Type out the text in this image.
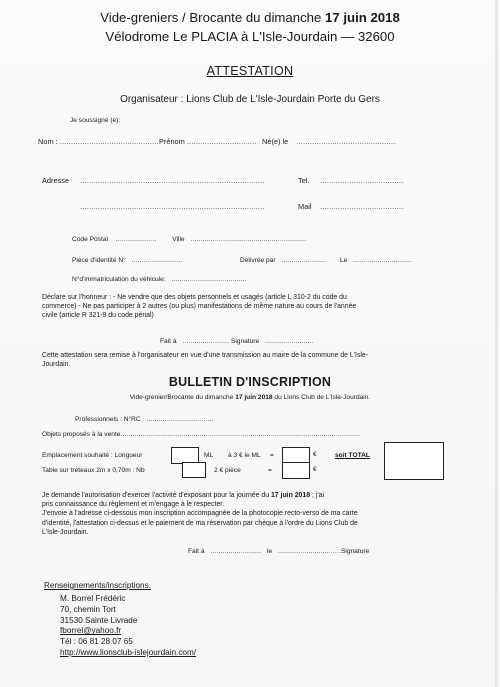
Vide-greniers / Brocante du dimanche 17 juin 2018
Vélodrome Le PLACIA à L'Isle-Jourdain — 32600
ATTESTATION
Organisateur : Lions Club de L'Isle-Jourdain Porte du Gers
Je soussigné (e):
Nom : ............................................Prénom ............................... Né(e) le ............................................
Adresse ..................................................................................
..................................................................................
Tel. .....................................
Mail .....................................
Code Postal .................... Ville .........................................................
Pièce d'identité N° .........................	Délivrée par ...................... Le .............................
N°d'immatriculation du véhicule: .....................................
Déclare sur l'honneur : - Ne vendre que des objets personnels et usagés (article L 310-2 du code du
commerce) - Ne pas participer à 2 autres (ou plus) manifestations de même nature au cours de l'année
civile (article R 321-9 du code pénal)
Fait à ....................... Signature ........................
Cette attestation sera remise à l'organisateur en vue d'une transmission au maire de la commune de L'Isle-
Jourdain.
BULLETIN D'INSCRIPTION
Vide-grenier/Brocante du dimanche 17 juin 2018 du Lions Club de L'Isle-Jourdain.
Professionnels : N°RC .................................
Objets proposés à la vente......................................................................................................................
Emplacement souhaité : Longueur	ML à 3 € le ML =	€	soit TOTAL
Table sur tréteaux 2m x 0,70m : Nb	2 € pièce	=	€
Je demande l'autorisation d'exercer l'activité d'exposant pour la journée du 17 juin 2018 ; j'ai
pris connaissance du règlement et m'engage à le respecter.
J'envoie à l'adresse ci-dessous mon inscription accompagnée de la photocopie recto-verso de ma carte
d'identité, l'attestation ci-dessus et le paiement de ma réservation par chèque à l'ordre du Lions Club de
L'Isle-Jourdain.
Fait à ......................... le ...............................Signature
Renseignements/inscriptions.
M. Borrel Frédéric
70, chemin Tort
31530 Sainte Livrade
fborrel@yahoo.fr
Tél : 06 81 28 07 65
http://www.lionsclub-islejourdain.com/
